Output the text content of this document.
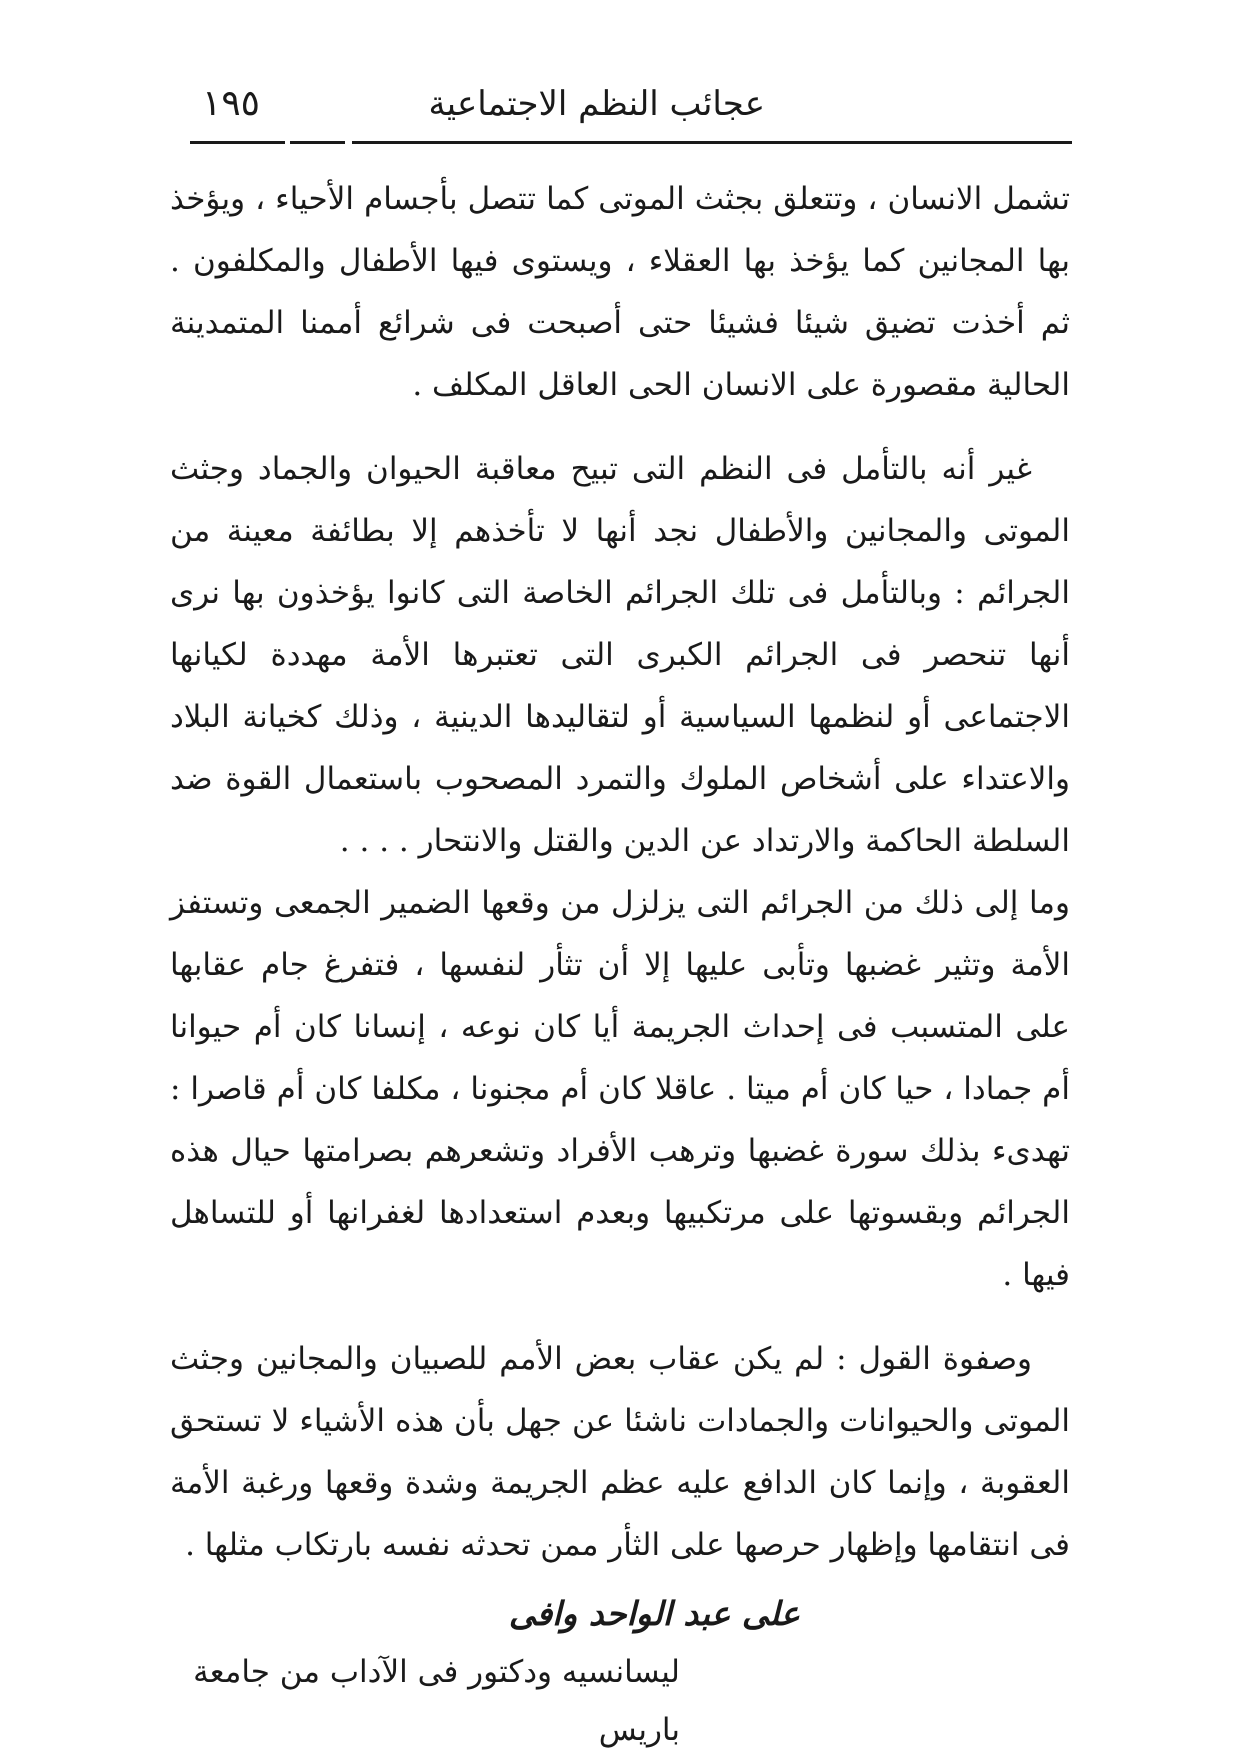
عجائب النظم الاجتماعية
١٩٥

تشمل الانسان ، وتتعلق بجثث الموتى كما تتصل بأجسام الأحياء ، ويؤخذ بها المجانين كما يؤخذ بها العقلاء ، ويستوى فيها الأطفال والمكلفون . ثم أخذت تضيق شيئا فشيئا حتى أصبحت فى شرائع أممنا المتمدينة الحالية مقصورة على الانسان الحى العاقل المكلف .

غير أنه بالتأمل فى النظم التى تبيح معاقبة الحيوان والجماد وجثث الموتى والمجانين والأطفال نجد أنها لا تأخذهم إلا بطائفة معينة من الجرائم : وبالتأمل فى تلك الجرائم الخاصة التى كانوا يؤخذون بها نرى أنها تنحصر فى الجرائم الكبرى التى تعتبرها الأمة مهددة لكيانها الاجتماعى أو لنظمها السياسية أو لتقاليدها الدينية ، وذلك كخيانة البلاد والاعتداء على أشخاص الملوك والتمرد المصحوب باستعمال القوة ضد السلطة الحاكمة والارتداد عن الدين والقتل والانتحار . . . .

وما إلى ذلك من الجرائم التى يزلزل من وقعها الضمير الجمعى وتستفز الأمة وتثير غضبها وتأبى عليها إلا أن تثأر لنفسها ، فتفرغ جام عقابها على المتسبب فى إحداث الجريمة أيا كان نوعه ، إنسانا كان أم حيوانا أم جمادا ، حيا كان أم ميتا . عاقلا كان أم مجنونا ، مكلفا كان أم قاصرا : تهدىء بذلك سورة غضبها وترهب الأفراد وتشعرهم بصرامتها حيال هذه الجرائم وبقسوتها على مرتكبيها وبعدم استعدادها لغفرانها أو للتساهل فيها .

وصفوة القول : لم يكن عقاب بعض الأمم للصبيان والمجانين وجثث الموتى والحيوانات والجمادات ناشئا عن جهل بأن هذه الأشياء لا تستحق العقوبة ، وإنما كان الدافع عليه عظم الجريمة وشدة وقعها ورغبة الأمة فى انتقامها وإظهار حرصها على الثأر ممن تحدثه نفسه بارتكاب مثلها .

على عبد الواحد وافى
ليسانسيه ودكتور فى الآداب من جامعة باريس
